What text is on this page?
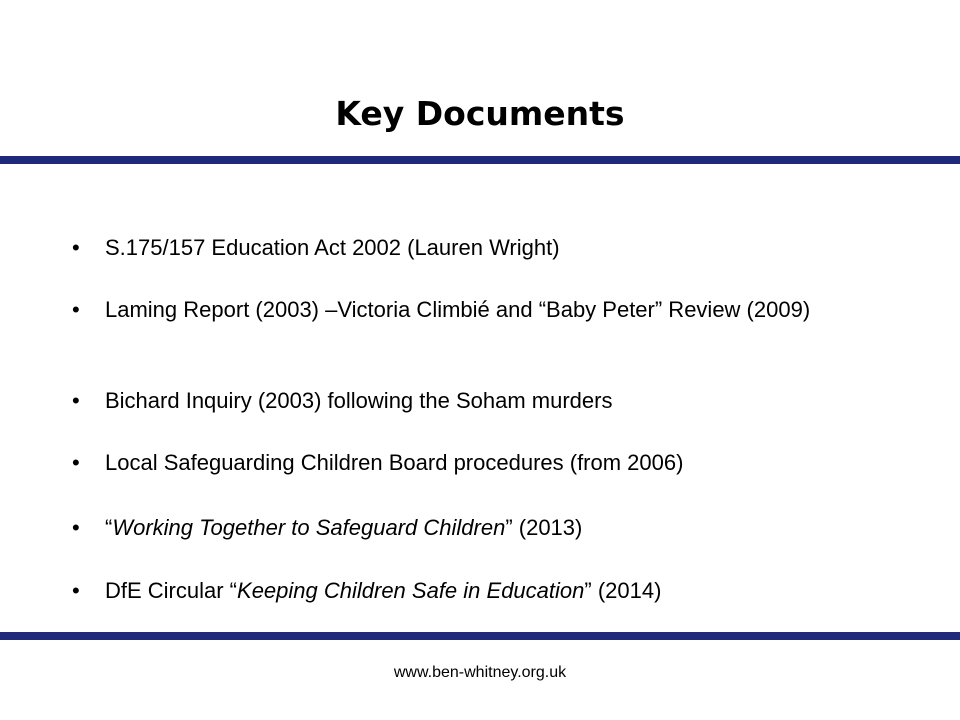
Key Documents
• S.175/157 Education Act 2002 (Lauren Wright)
• Laming Report (2003) –Victoria Climbié and “Baby Peter” Review (2009)
• Bichard Inquiry (2003) following the Soham murders
• Local Safeguarding Children Board procedures (from 2006)
• “Working Together to Safeguard Children” (2013)
• DfE Circular “Keeping Children Safe in Education” (2014)

www.ben-whitney.org.uk
